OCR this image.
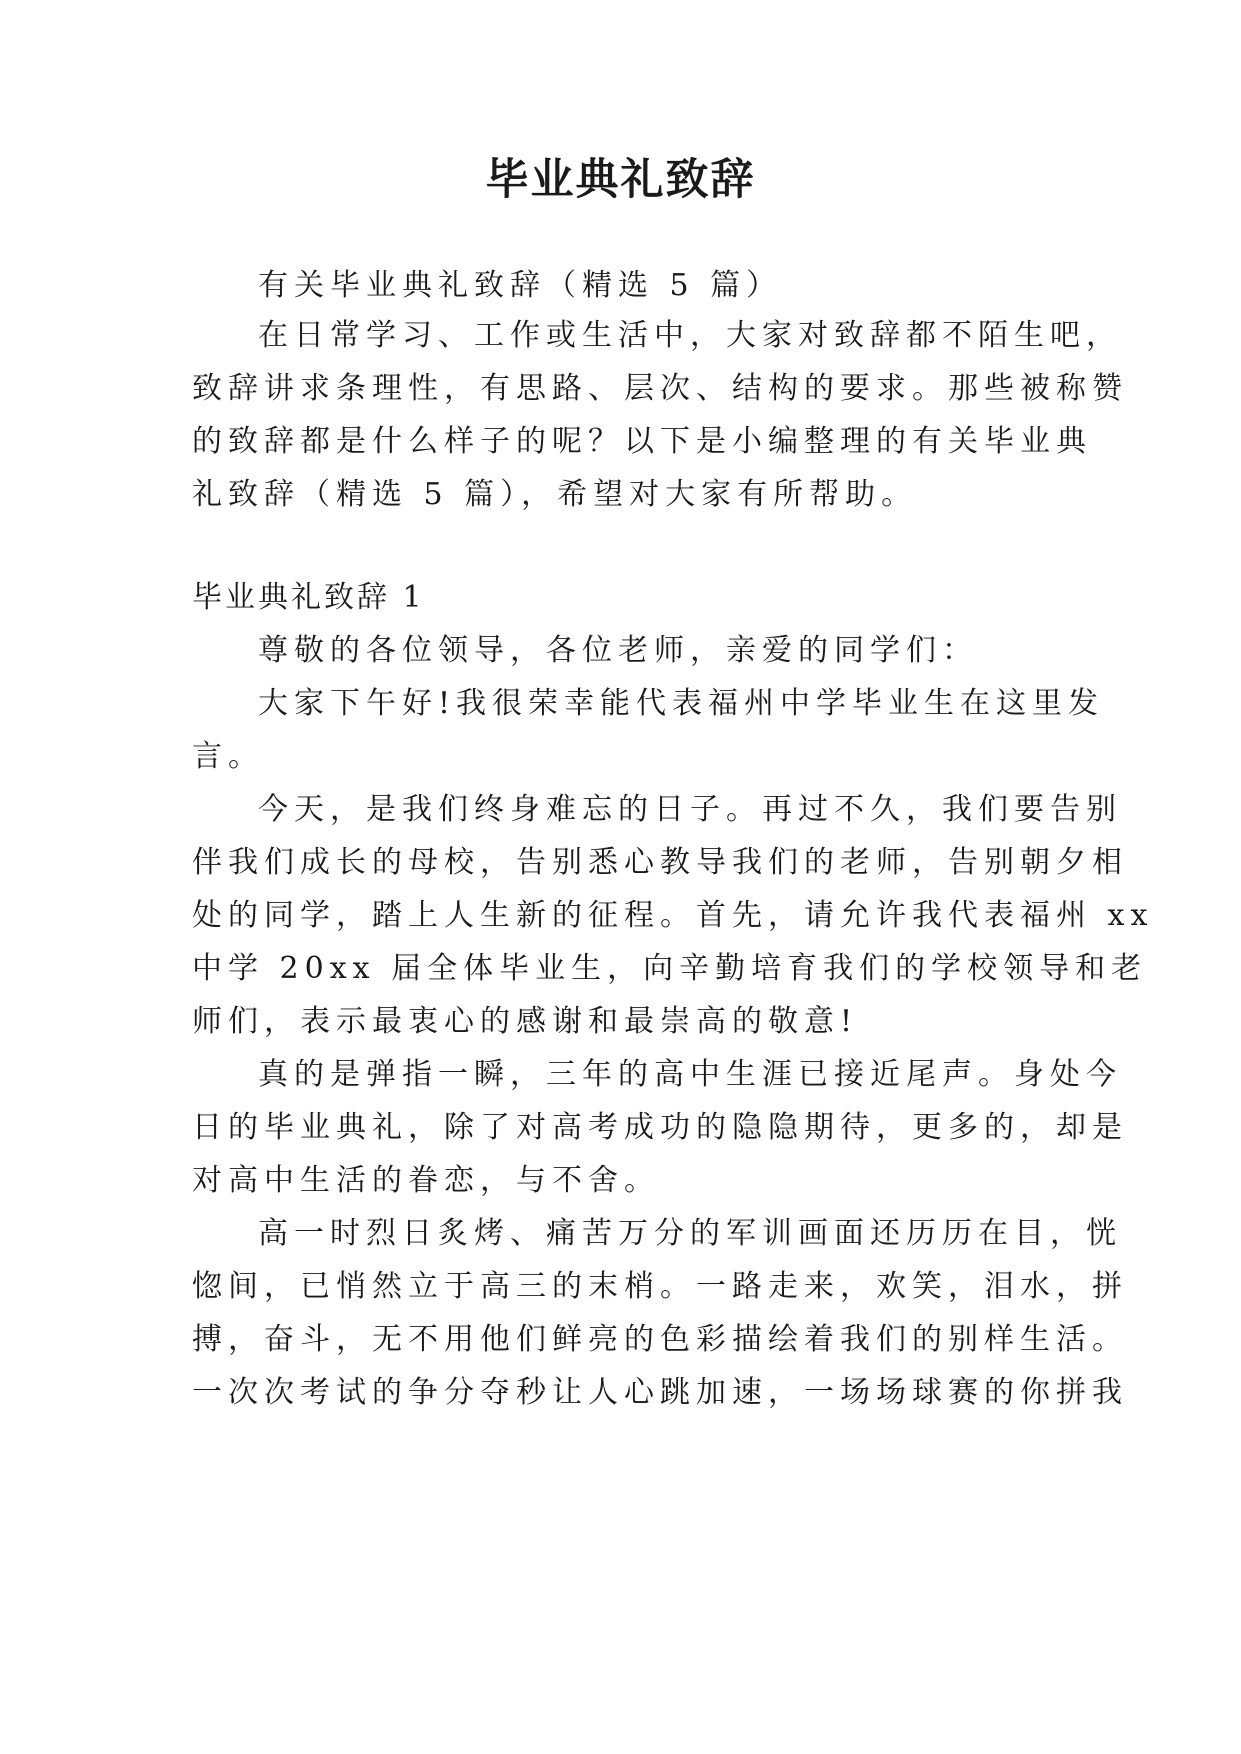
毕业典礼致辞
有关毕业典礼致辞（精选 5 篇）
在日常学习、工作或生活中，大家对致辞都不陌生吧，
致辞讲求条理性，有思路、层次、结构的要求。那些被称赞
的致辞都是什么样子的呢？以下是小编整理的有关毕业典
礼致辞（精选 5 篇），希望对大家有所帮助。
毕业典礼致辞 1
尊敬的各位领导，各位老师，亲爱的同学们：
大家下午好!我很荣幸能代表福州中学毕业生在这里发
言。
今天，是我们终身难忘的日子。再过不久，我们要告别
伴我们成长的母校，告别悉心教导我们的老师，告别朝夕相
处的同学，踏上人生新的征程。首先，请允许我代表福州 xx
中学 20xx 届全体毕业生，向辛勤培育我们的学校领导和老
师们，表示最衷心的感谢和最崇高的敬意!
真的是弹指一瞬，三年的高中生涯已接近尾声。身处今
日的毕业典礼，除了对高考成功的隐隐期待，更多的，却是
对高中生活的眷恋，与不舍。
高一时烈日炙烤、痛苦万分的军训画面还历历在目，恍
惚间，已悄然立于高三的末梢。一路走来，欢笑，泪水，拼
搏，奋斗，无不用他们鲜亮的色彩描绘着我们的别样生活。
一次次考试的争分夺秒让人心跳加速，一场场球赛的你拼我
